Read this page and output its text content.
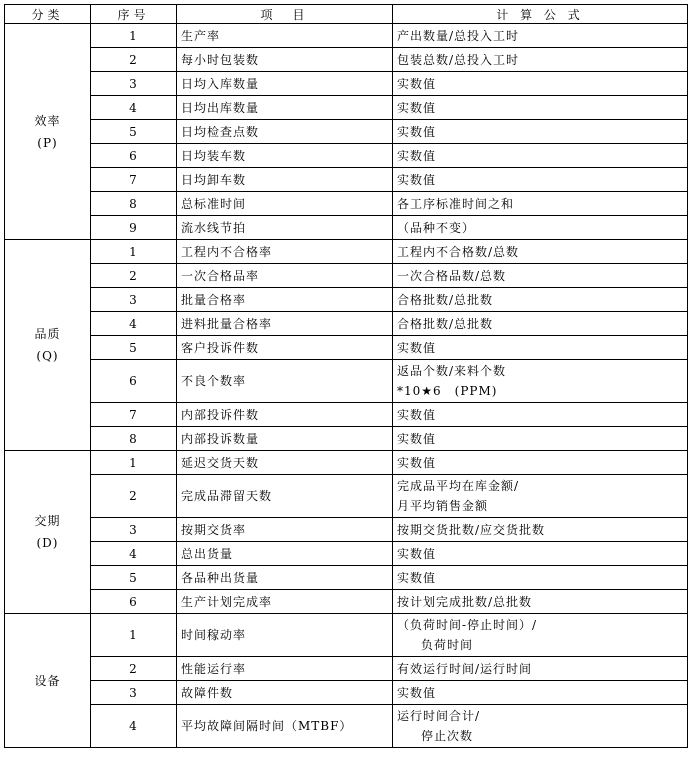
分类	序号	项　目	计 算 公 式

效率
(P)	1	生产率	产出数量/总投入工时

	2	每小时包装数	包装总数/总投入工时

	3	日均入库数量	实数值

	4	日均出库数量	实数值

	5	日均检查点数	实数值

	6	日均装车数	实数值

	7	日均卸车数	实数值

	8	总标准时间	各工序标准时间之和

	9	流水线节拍	（品种不变）

品质
(Q)	1	工程内不合格率	工程内不合格数/总数

	2	一次合格品率	一次合格品数/总数

	3	批量合格率	合格批数/总批数

	4	进料批量合格率	合格批数/总批数

	5	客户投诉件数	实数值

	6	不良个数率	返品个数/来料个数
*10★6　(PPM)

	7	内部投诉件数	实数值

	8	内部投诉数量	实数值

交期
(D)	1	延迟交货天数	实数值

	2	完成品滞留天数	完成品平均在库金额/
月平均销售金额

	3	按期交货率	按期交货批数/应交货批数

	4	总出货量	实数值

	5	各品种出货量	实数值

	6	生产计划完成率	按计划完成批数/总批数

设备	1	时间稼动率	（负荷时间-停止时间）/
负荷时间

	2	性能运行率	有效运行时间/运行时间

	3	故障件数	实数值

	4	平均故障间隔时间（MTBF）	运行时间合计/
停止次数
